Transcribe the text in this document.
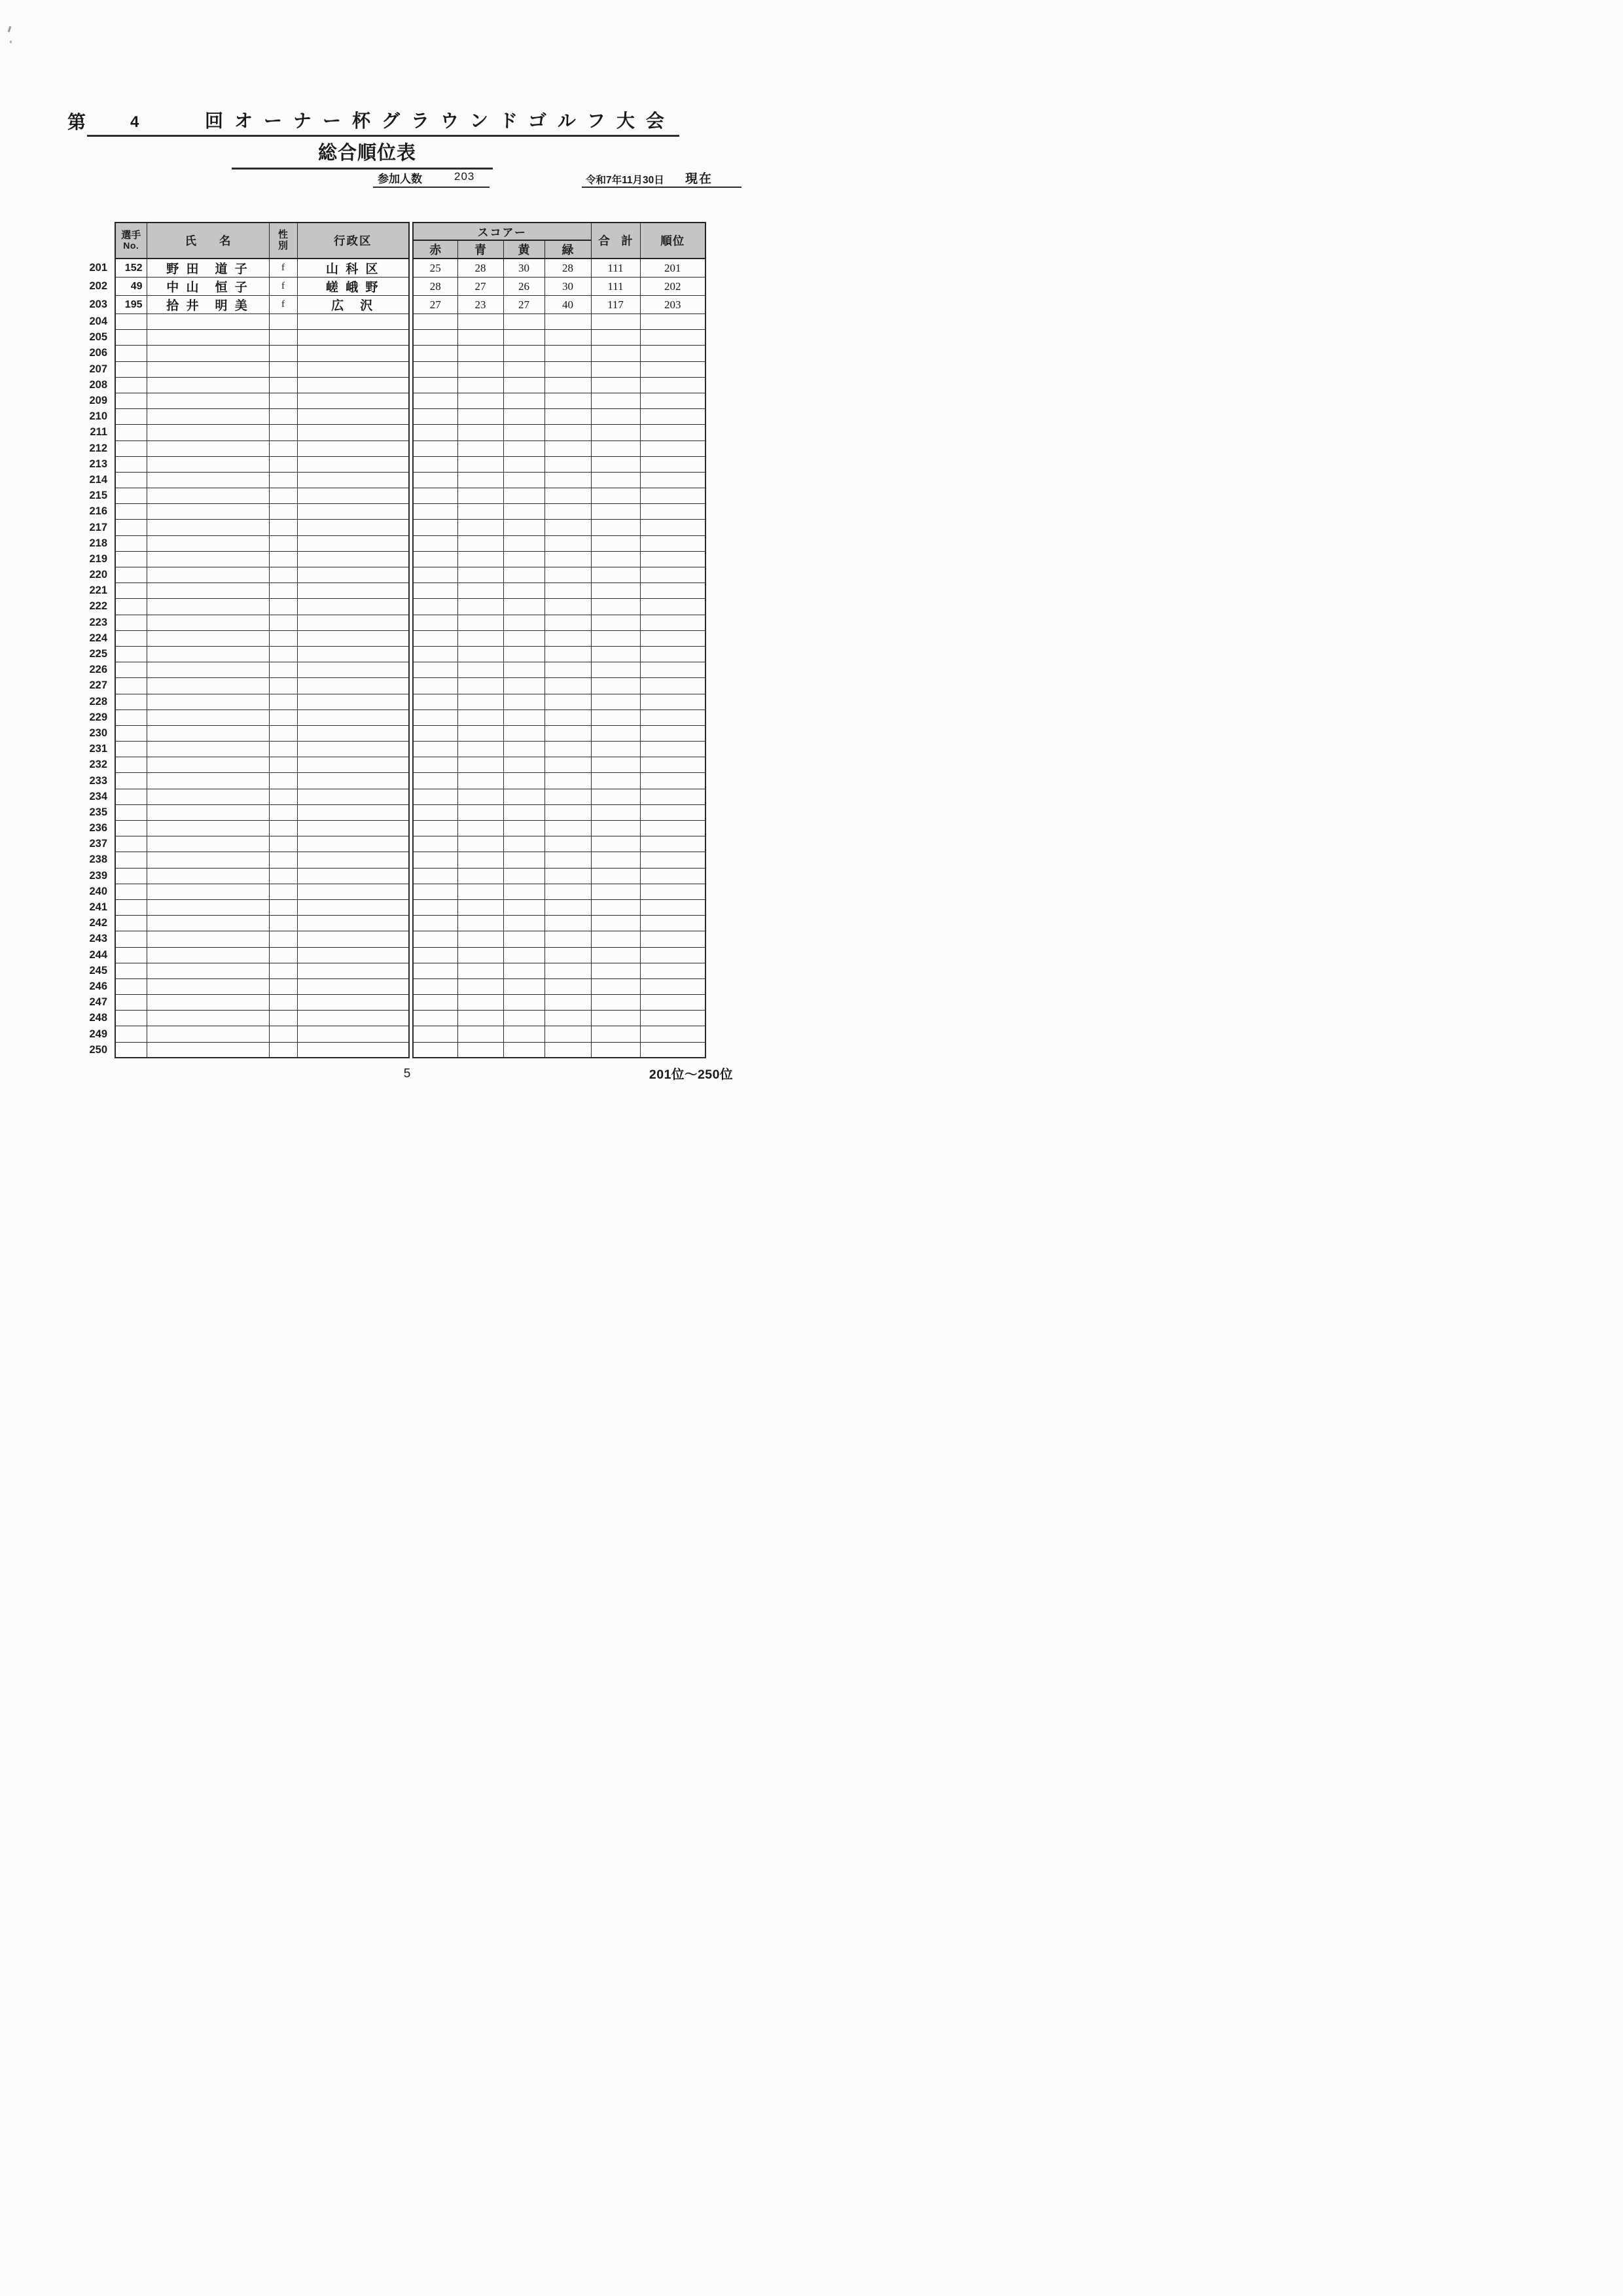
第	4	回オーナー杯グラウンドゴルフ大会
総合順位表
参加人数	203	令和7年11月30日 現在

選手
No.	氏　　名	性
別	行政区		スコアー	合　計	順位
						赤	青	黄	緑		
201	152	野 田　道 子	f	山 科 区		25	28	30	28	111	201
202	49	中 山　恒 子	f	嵯 峨 野		28	27	26	30	111	202
203	195	拾 井　明 美	f	広　沢		27	23	27	40	117	203
204											
205											
206											
207											
208											
209											
210											
211											
212											
213											
214											
215											
216											
217											
218											
219											
220											
221											
222											
223											
224											
225											
226											
227											
228											
229											
230											
231											
232											
233											
234											
235											
236											
237											
238											
239											
240											
241											
242											
243											
244											
245											
246											
247											
248											
249											
250											
5	201位～250位
